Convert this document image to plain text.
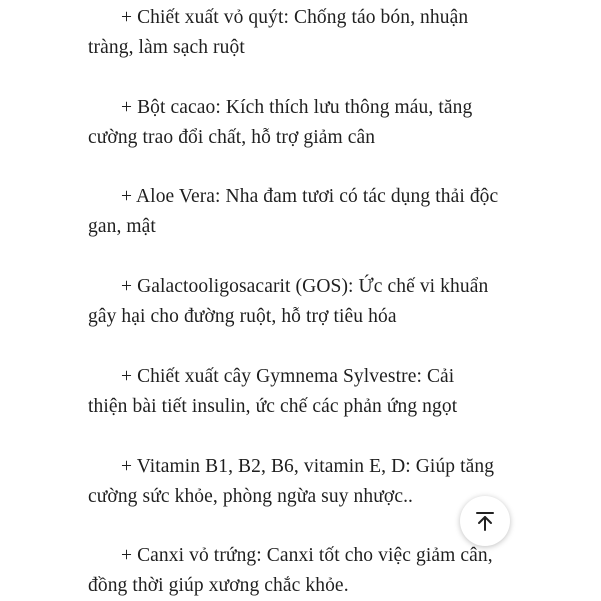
+ Chiết xuất vỏ quýt: Chống táo bón, nhuận
tràng, làm sạch ruột
+ Bột cacao: Kích thích lưu thông máu, tăng
cường trao đổi chất, hỗ trợ giảm cân
+ Aloe Vera: Nha đam tươi có tác dụng thải độc
gan, mật
+ Galactooligosacarit (GOS): Ức chế vi khuẩn
gây hại cho đường ruột, hỗ trợ tiêu hóa
+ Chiết xuất cây Gymnema Sylvestre: Cải
thiện bài tiết insulin, ức chế các phản ứng ngọt
+ Vitamin B1, B2, B6, vitamin E, D: Giúp tăng
cường sức khỏe, phòng ngừa suy nhược..
+ Canxi vỏ trứng: Canxi tốt cho việc giảm cân,
đồng thời giúp xương chắc khỏe.
